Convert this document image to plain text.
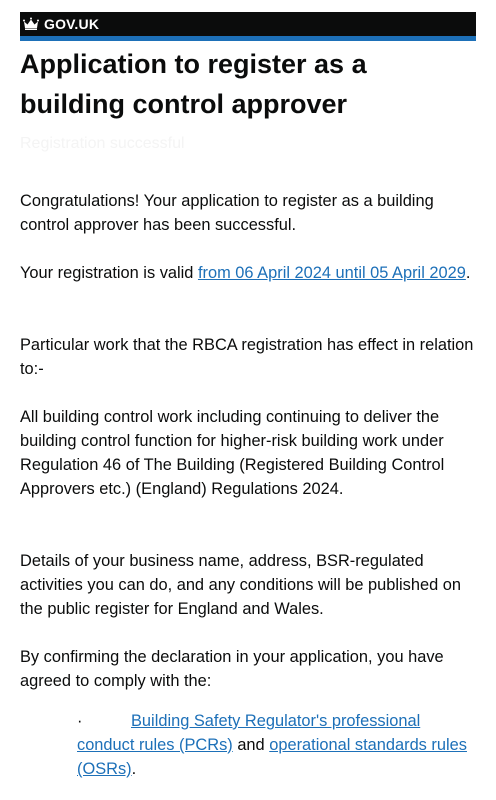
GOV.UK
Application to register as a building control approver
Registration successful

Congratulations! Your application to register as a building control approver has been successful.

Your registration is valid from 06 April 2024 until 05 April 2029.

Particular work that the RBCA registration has effect in relation to:-

All building control work including continuing to deliver the building control function for higher-risk building work under Regulation 46 of The Building (Registered Building Control Approvers etc.) (England) Regulations 2024.

Details of your business name, address, BSR-regulated activities you can do, and any conditions will be published on the public register for England and Wales.

By confirming the declaration in your application, you have agreed to comply with the:

·	Building Safety Regulator's professional conduct rules (PCRs) and operational standards rules (OSRs).
